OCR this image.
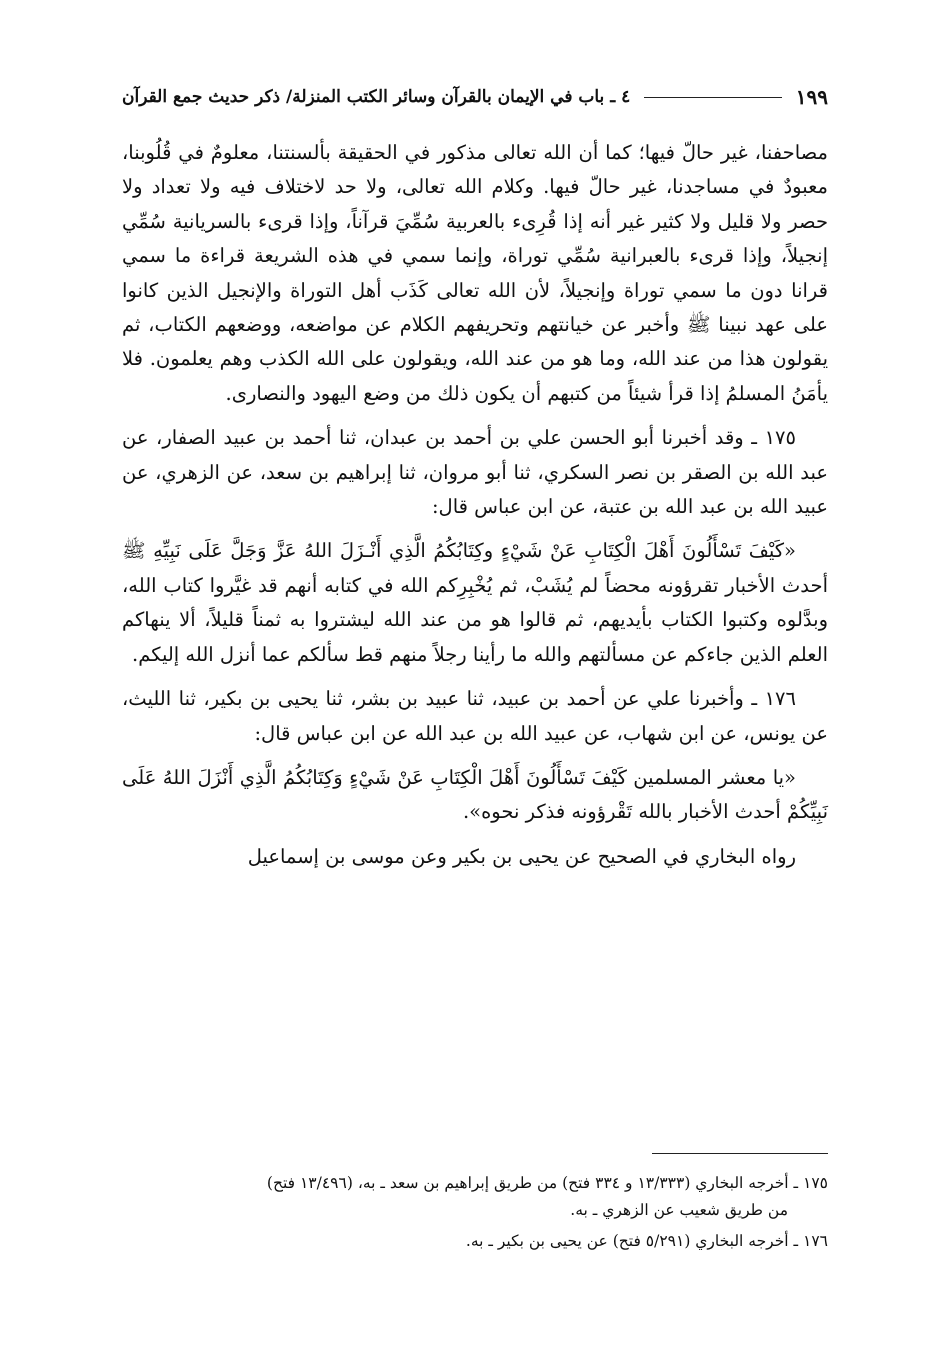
٤ ـ باب في الإيمان بالقرآن وسائر الكتب المنزلة/ ذكر حديث جمع القرآن	١٩٩

مصاحفنا، غير حالّ فيها؛ كما أن الله تعالى مذكور في الحقيقة بألسنتنا، معلومٌ في قُلُوبنا، معبودٌ في مساجدنا، غير حالّ فيها. وكلام الله تعالى، ولا حد لاختلاف فيه ولا تعداد ولا حصر ولا قليل ولا كثير غير أنه إذا قُرِىء بالعربية سُمِّيَ قرآناً، وإذا قرىء بالسريانية سُمِّي إنجيلاً، وإذا قرىء بالعبرانية سُمِّي توراة، وإنما سمي في هذه الشريعة قراءة ما سمي قرانا دون ما سمي توراة وإنجيلاً، لأن الله تعالى كَذَب أهل التوراة والإنجيل الذين كانوا على عهد نبينا ﷺ وأخبر عن خيانتهم وتحريفهم الكلام عن مواضعه، ووضعهم الكتاب، ثم يقولون هذا من عند الله، وما هو من عند الله، ويقولون على الله الكذب وهم يعلمون. فلا يأمَنُ المسلمُ إذا قرأ شيئاً من كتبهم أن يكون ذلك من وضع اليهود والنصارى.

١٧٥ ـ وقد أخبرنا أبو الحسن علي بن أحمد بن عبدان، ثنا أحمد بن عبيد الصفار، عن عبد الله بن الصقر بن نصر السكري، ثنا أبو مروان، ثنا إبراهيم بن سعد، عن الزهري، عن عبيد الله بن عبد الله بن عتبة، عن ابن عباس قال:

«كَيْفَ تَسْأَلُونَ أَهْلَ الْكِتَابِ عَنْ شَيْءٍ وكِتَابُكُمُ الَّذِي أَنْـزَلَ اللهُ عَزَّ وَجَلَّ عَلَى نَبِيِّهِ ﷺ أحدث الأخبار تقرؤونه محضاً لم يُشَبْ، ثم يُخْبِرِكم الله في كتابه أنهم قد غيَّروا كتاب الله، وبدَّلوه وكتبوا الكتاب بأيديهم، ثم قالوا هو من عند الله ليشتروا به ثمناً قليلاً، ألا ينهاكم العلم الذين جاءكم عن مسألتهم والله ما رأينا رجلاً منهم قط سألكم عما أنزل الله إليكم.

١٧٦ ـ وأخبرنا علي عن أحمد بن عبيد، ثنا عبيد بن بشر، ثنا يحيى بن بكير، ثنا الليث، عن يونس، عن ابن شهاب، عن عبيد الله بن عبد الله عن ابن عباس قال:

«يا معشر المسلمين كَيْفَ تَسْأَلُونَ أَهْلَ الْكِتَابِ عَنْ شَيْءٍ وَكِتَابُكُمُ الَّذِي أَنْزَلَ اللهُ عَلَى نَبِيِّكُمْ أحدث الأخبار بالله تَقْرؤونه فذكر نحوه».

رواه البخاري في الصحيح عن يحيى بن بكير وعن موسى بن إسماعيل

١٧٥ ـ أخرجه البخاري (١٣/٣٣٣ و ٣٣٤ فتح) من طريق إبراهيم بن سعد ـ به، (١٣/٤٩٦ فتح)
من طريق شعيب عن الزهري ـ به.

١٧٦ ـ أخرجه البخاري (٥/٢٩١ فتح) عن يحيى بن بكير ـ به.
